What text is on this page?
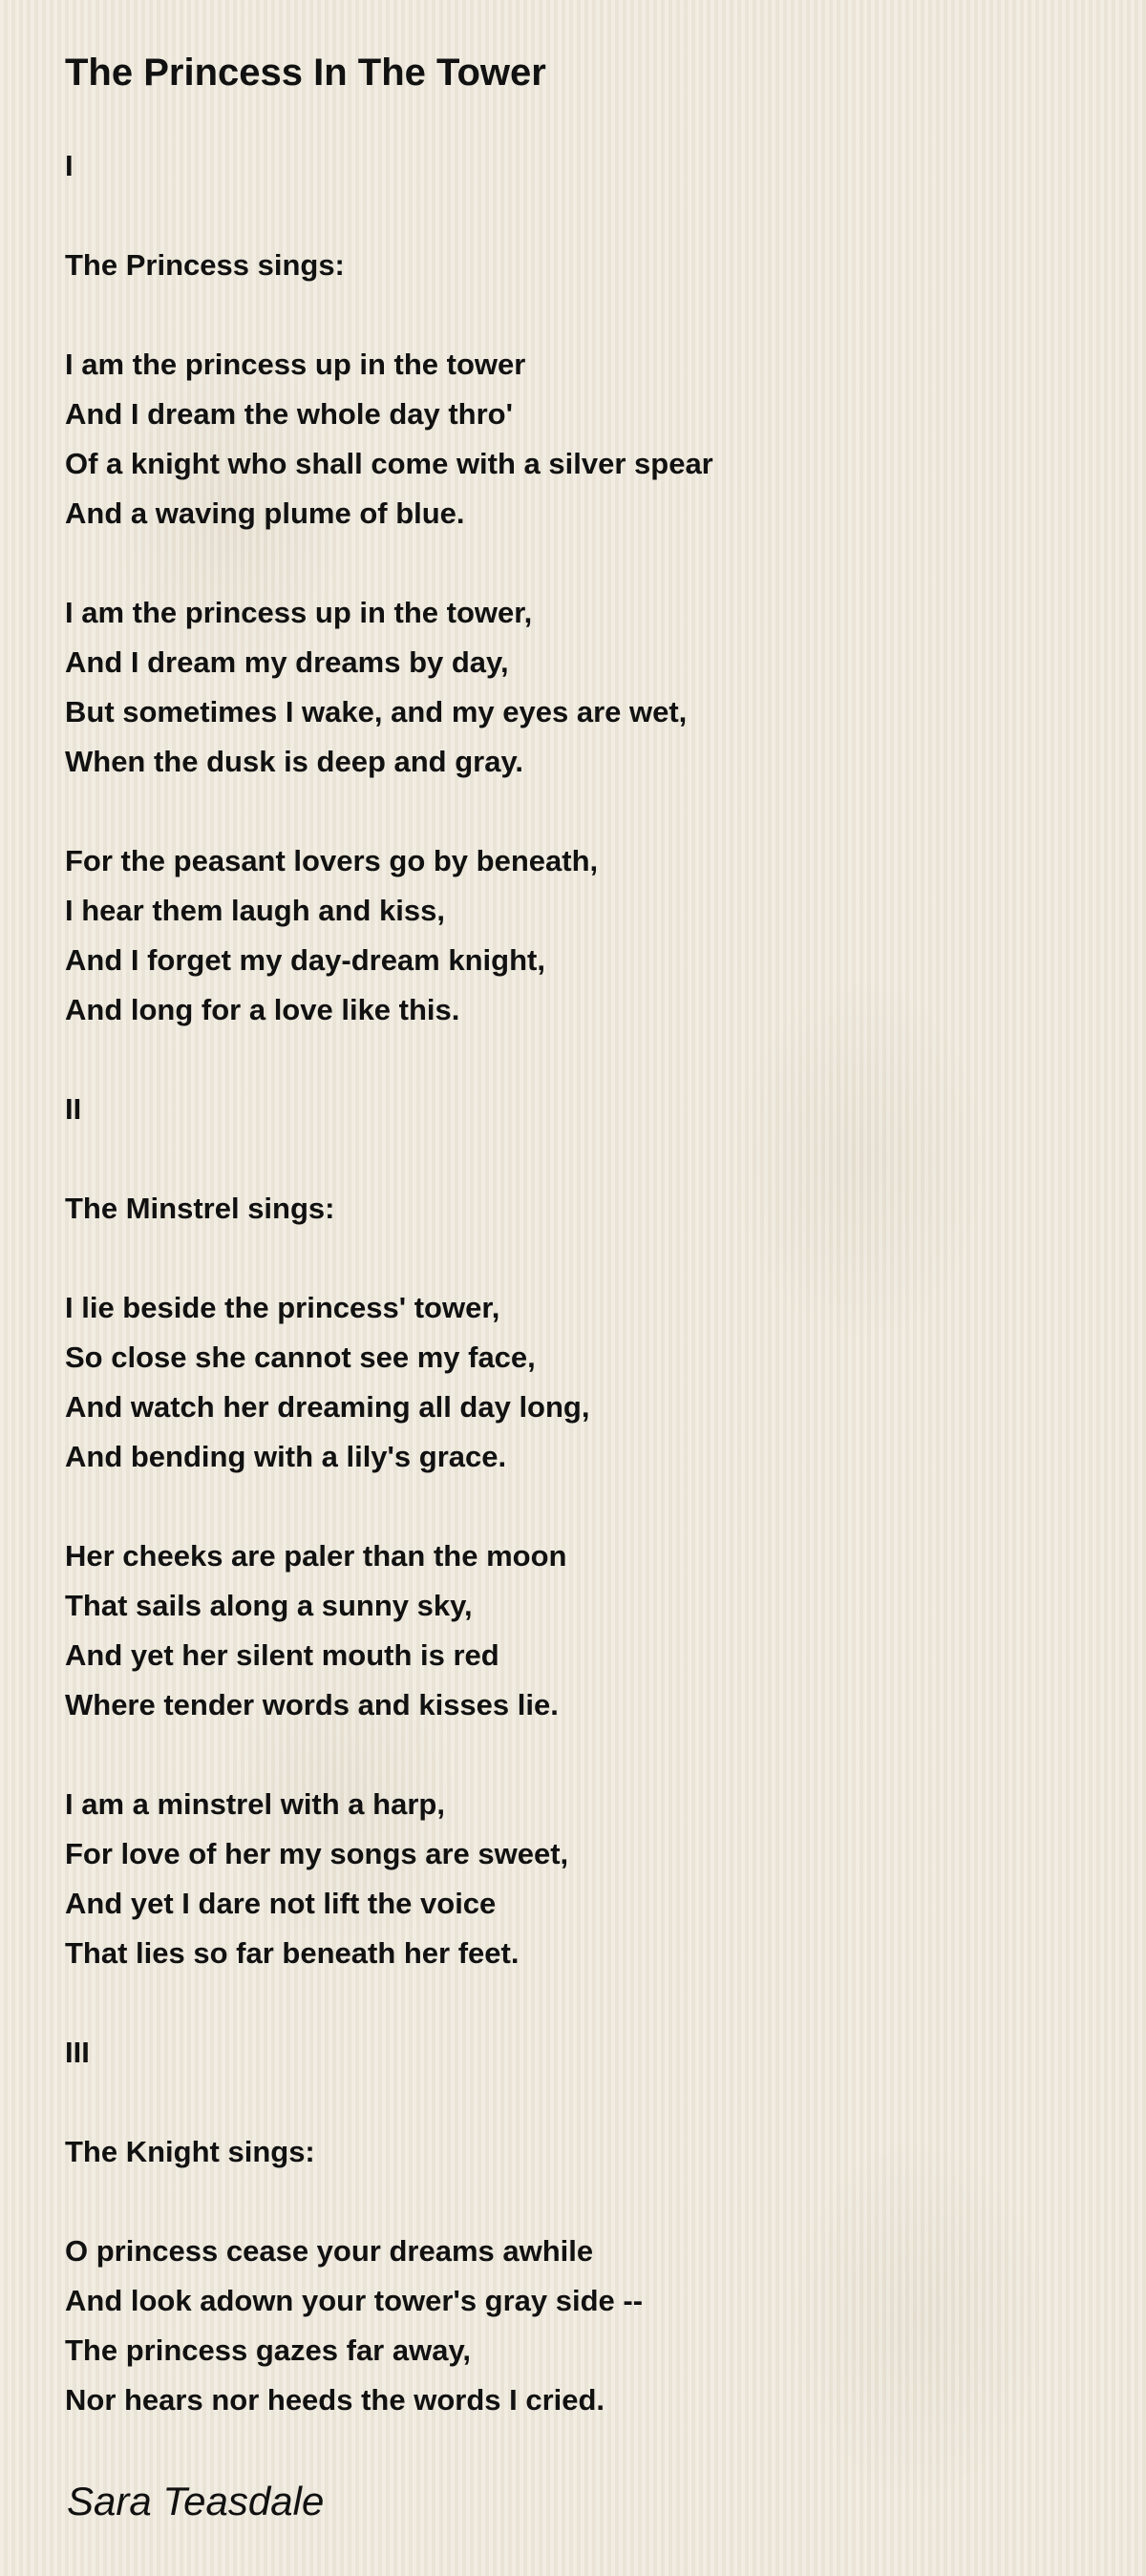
The Princess In The Tower
I
The Princess sings:
I am the princess up in the tower
And I dream the whole day thro'
Of a knight who shall come with a silver spear
And a waving plume of blue.
I am the princess up in the tower,
And I dream my dreams by day,
But sometimes I wake, and my eyes are wet,
When the dusk is deep and gray.
For the peasant lovers go by beneath,
I hear them laugh and kiss,
And I forget my day-dream knight,
And long for a love like this.
II
The Minstrel sings:
I lie beside the princess' tower,
So close she cannot see my face,
And watch her dreaming all day long,
And bending with a lily's grace.
Her cheeks are paler than the moon
That sails along a sunny sky,
And yet her silent mouth is red
Where tender words and kisses lie.
I am a minstrel with a harp,
For love of her my songs are sweet,
And yet I dare not lift the voice
That lies so far beneath her feet.
III
The Knight sings:
O princess cease your dreams awhile
And look adown your tower's gray side --
The princess gazes far away,
Nor hears nor heeds the words I cried.
Sara Teasdale
